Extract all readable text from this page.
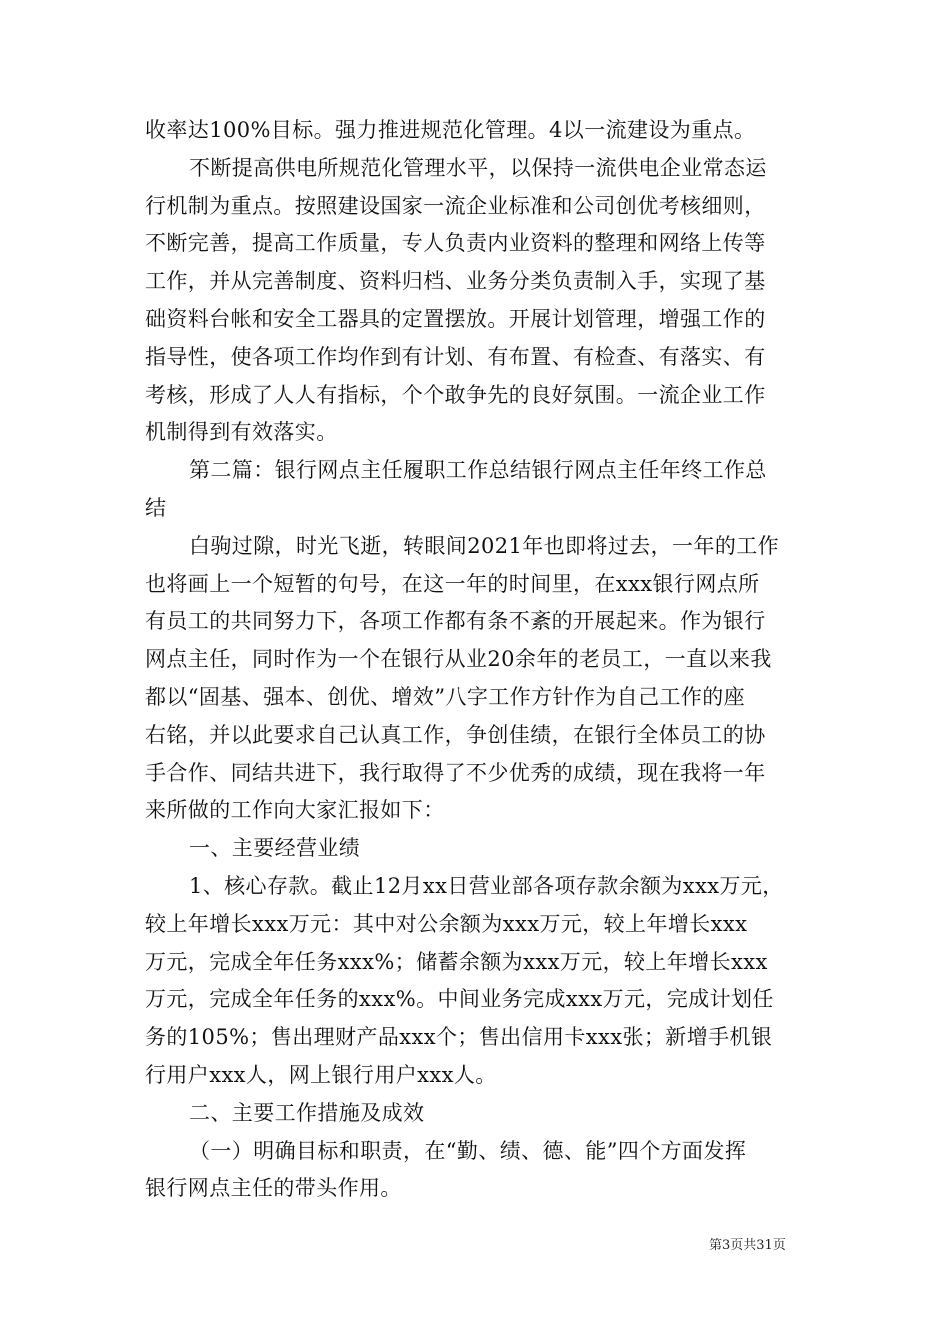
收率达100%目标。强力推进规范化管理。4以一流建设为重点。
不断提高供电所规范化管理水平，以保持一流供电企业常态运
行机制为重点。按照建设国家一流企业标准和公司创优考核细则，
不断完善，提高工作质量，专人负责内业资料的整理和网络上传等
工作，并从完善制度、资料归档、业务分类负责制入手，实现了基
础资料台帐和安全工器具的定置摆放。开展计划管理，增强工作的
指导性，使各项工作均作到有计划、有布置、有检查、有落实、有
考核，形成了人人有指标，个个敢争先的良好氛围。一流企业工作
机制得到有效落实。
第二篇：银行网点主任履职工作总结银行网点主任年终工作总
结
白驹过隙，时光飞逝，转眼间2021年也即将过去，一年的工作
也将画上一个短暂的句号，在这一年的时间里，在xxx银行网点所
有员工的共同努力下，各项工作都有条不紊的开展起来。作为银行
网点主任，同时作为一个在银行从业20余年的老员工，一直以来我
都以“固基、强本、创优、增效”八字工作方针作为自己工作的座
右铭，并以此要求自己认真工作，争创佳绩，在银行全体员工的协
手合作、同结共进下，我行取得了不少优秀的成绩，现在我将一年
来所做的工作向大家汇报如下：
一、主要经营业绩
1、核心存款。截止12月xx日营业部各项存款余额为xxx万元，
较上年增长xxx万元：其中对公余额为xxx万元，较上年增长xxx
万元，完成全年任务xxx%；储蓄余额为xxx万元，较上年增长xxx
万元，完成全年任务的xxx%。中间业务完成xxx万元，完成计划任
务的105%；售出理财产品xxx个；售出信用卡xxx张；新增手机银
行用户xxx人，网上银行用户xxx人。
二、主要工作措施及成效
（一）明确目标和职责，在“勤、绩、德、能”四个方面发挥
银行网点主任的带头作用。
第3页共31页
